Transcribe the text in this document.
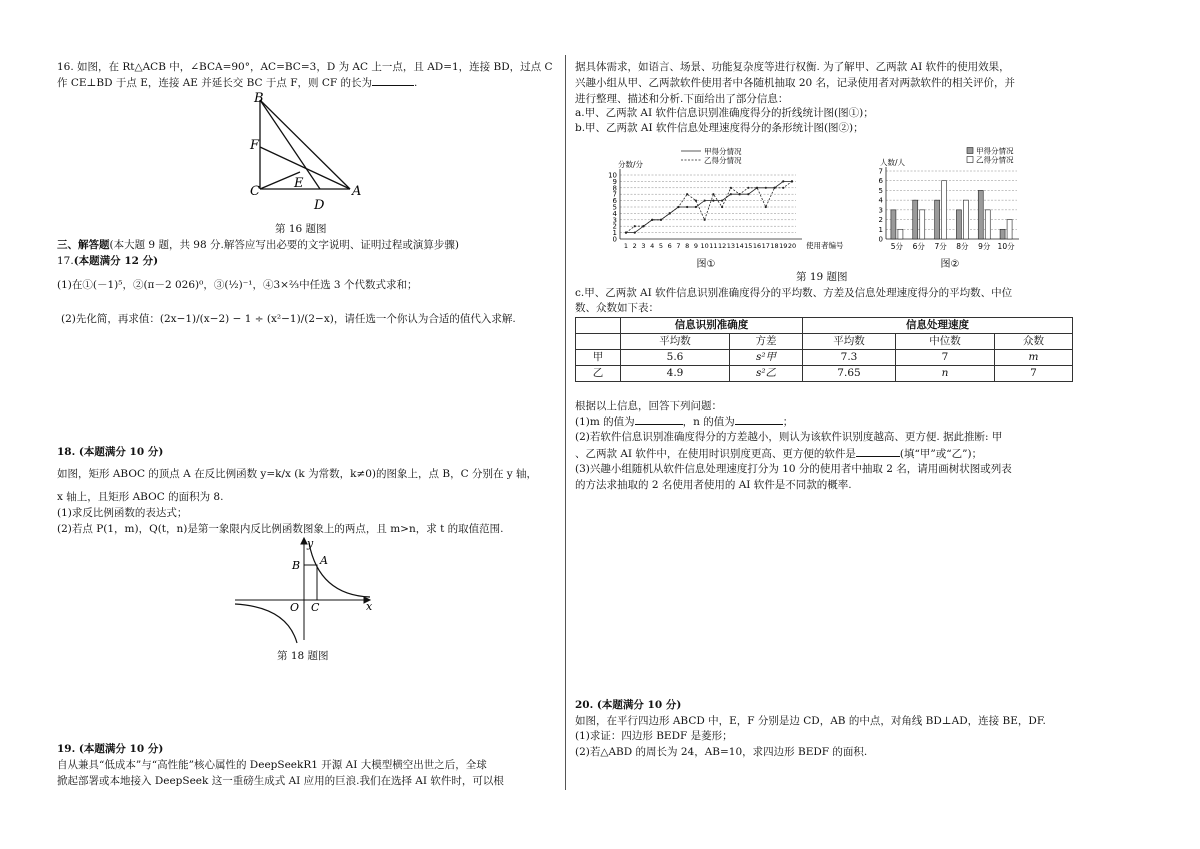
16. 如图，在 Rt△ACB 中，∠BCA=90°，AC=BC=3，D 为 AC 上一点，且 AD=1，连接 BD，过点 C
作 CE⊥BD 于点 E，连接 AE 并延长交 BC 于点 F，则 CF 的长为	.
B
F
C
E
D
A
第 16 题图
三、解答题(本大题 9 题，共 98 分.解答应写出必要的文字说明、证明过程或演算步骤)
17.(本题满分 12 分)
(1)在①(－1)⁵，②(π－2 026)⁰，③(½)⁻¹，④3×⅔中任选 3 个代数式求和；
(2)先化简，再求值：(2x−1)/(x−2) − 1 ÷ (x²−1)/(2−x)，请任选一个你认为合适的值代入求解.
18. (本题满分 10 分)
如图，矩形 ABOC 的顶点 A 在反比例函数 y=k/x (k 为常数，k≠0)的图象上，点 B，C 分别在 y 轴，
x 轴上，且矩形 ABOC 的面积为 8.
(1)求反比例函数的表达式；
(2)若点 P(1，m)，Q(t，n)是第一象限内反比例函数图象上的两点，且 m>n，求 t 的取值范围.
y
x
A
B
O C
第 18 题图
19. (本题满分 10 分)
自从兼具“低成本”与“高性能”核心属性的 DeepSeekR1 开源 AI 大模型横空出世之后，全球
掀起部署或本地接入 DeepSeek 这一重磅生成式 AI 应用的巨浪.我们在选择 AI 软件时，可以根
据具体需求，如语言、场景、功能复杂度等进行权衡. 为了解甲、乙两款 AI 软件的使用效果，
兴趣小组从甲、乙两款软件使用者中各随机抽取 20 名，记录使用者对两款软件的相关评价，并
进行整理、描述和分析.下面给出了部分信息：
a.甲、乙两款 AI 软件信息识别准确度得分的折线统计图(图①)；
b.甲、乙两款 AI 软件信息处理速度得分的条形统计图(图②)；
甲得分情况
乙得分情况
分数/分
0
1
2
3
4
5
6
7
8
9
10
1 2 3 4 5 6 7 8 9 10 11 12 13 14 15 16 17 18 19 20 使用者编号
图①
甲得分情况
乙得分情况
人数/人
0
1
2
3
4
5
6
7
5分 6分 7分 8分 9分 10分
图②
第 19 题图
c.甲、乙两款 AI 软件信息识别准确度得分的平均数、方差及信息处理速度得分的平均数、中位
数、众数如下表：
	信息识别准确度		信息处理速度		
	平均数	方差	平均数	中位数	众数
甲	5.6	s²甲	7.3	7	m
乙	4.9	s²乙	7.65	n	7
根据以上信息，回答下列问题：
(1)m 的值为	，n 的值为	；
(2)若软件信息识别准确度得分的方差越小，则认为该软件识别度越高、更方便. 据此推断: 甲
、乙两款 AI 软件中，在使用时识别度更高、更方便的软件是	(填“甲”或“乙”)；
(3)兴趣小组随机从软件信息处理速度打分为 10 分的使用者中抽取 2 名，请用画树状图或列表
的方法求抽取的 2 名使用者使用的 AI 软件是不同款的概率.
20. (本题满分 10 分)
如图，在平行四边形 ABCD 中，E，F 分别是边 CD，AB 的中点，对角线 BD⊥AD，连接 BE，DF.
(1)求证：四边形 BEDF 是菱形；
(2)若△ABD 的周长为 24，AB=10，求四边形 BEDF 的面积.
